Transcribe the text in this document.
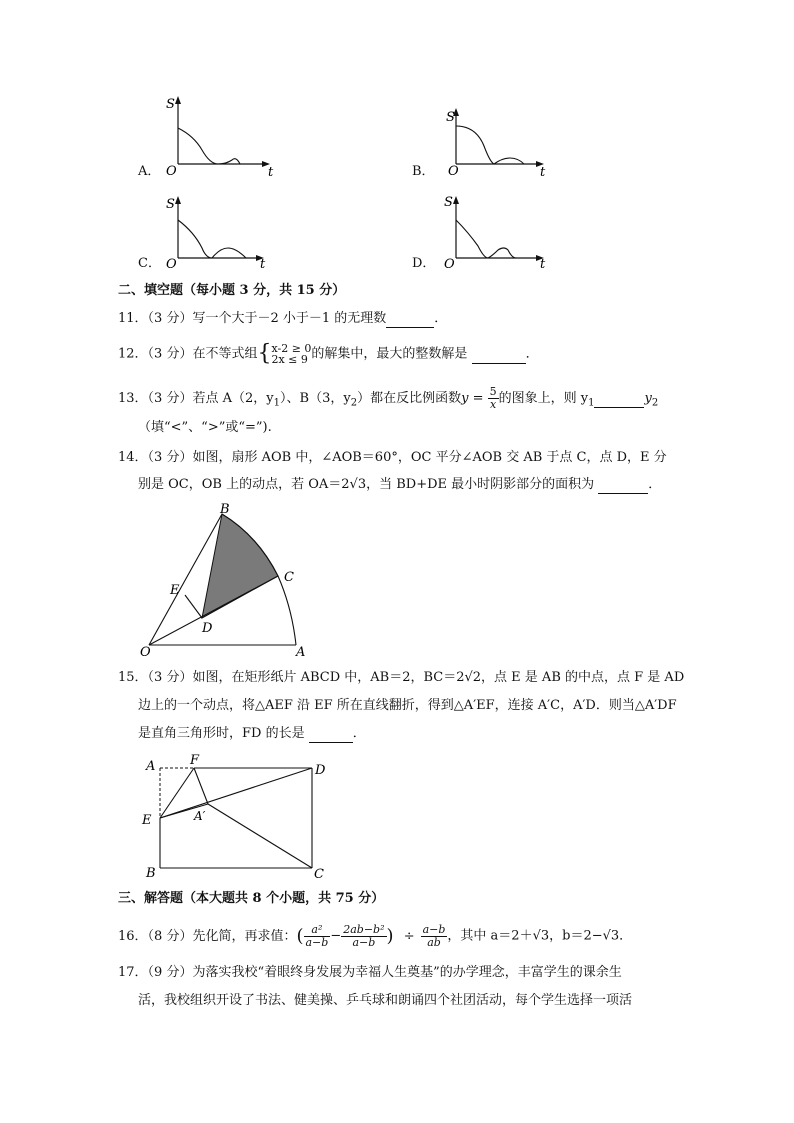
A．
S
O	t	B．
S
O	t
C．
S
O	t	D．
S
O	t
二、填空题（每小题 3 分，共 15 分）
11．（3 分）写一个大于－2 小于－1 的无理数	．
12．（3 分）在不等式组{ x-2 ≥ 0
2x ≤ 9 的解集中，最大的整数解是	．
13．（3 分）若点 A（2，$y_1$）、B（3，$y_2$）都在反比例函数$y = \frac{5}{x}$ 的图象上，则 $y_1$	$y_2$
（填“<”、“>”或“=”).
14．（3 分）如图，扇形 AOB 中，∠AOB＝60°，OC 平分∠AOB 交 AB 于点 C，点 D，E 分
别是 OC，OB 上的动点，若 OA＝2√3，当 BD+DE 最小时阴影部分的面积为	．
B
C
E
D
O	A
15．（3 分）如图，在矩形纸片 ABCD 中，AB＝2，BC＝2√2，点 E 是 AB 的中点，点 F 是 AD
边上的一个动点，将△AEF 沿 EF 所在直线翻折，得到△A′EF，连接 A′C，A′D．则当△A′DF
是直角三角形时，FD 的长是	．
A	F
D
E	A′
B	C
三、解答题（本大题共 8 个小题，共 75 分）
16．（8 分）先化简，再求值：( $\frac{\text{a²}}{a-b} - \frac{\text{2ab−b²}}{a-b}$ ) ÷ $\frac{a-b}{ab}$ ，其中 a＝2＋√3，b＝2−√3．
17．（9 分）为落实我校“着眼终身发展为幸福人生奠基”的办学理念，丰富学生的课余生
活，我校组织开设了书法、健美操、乒乓球和朗诵四个社团活动，每个学生选择一项活
